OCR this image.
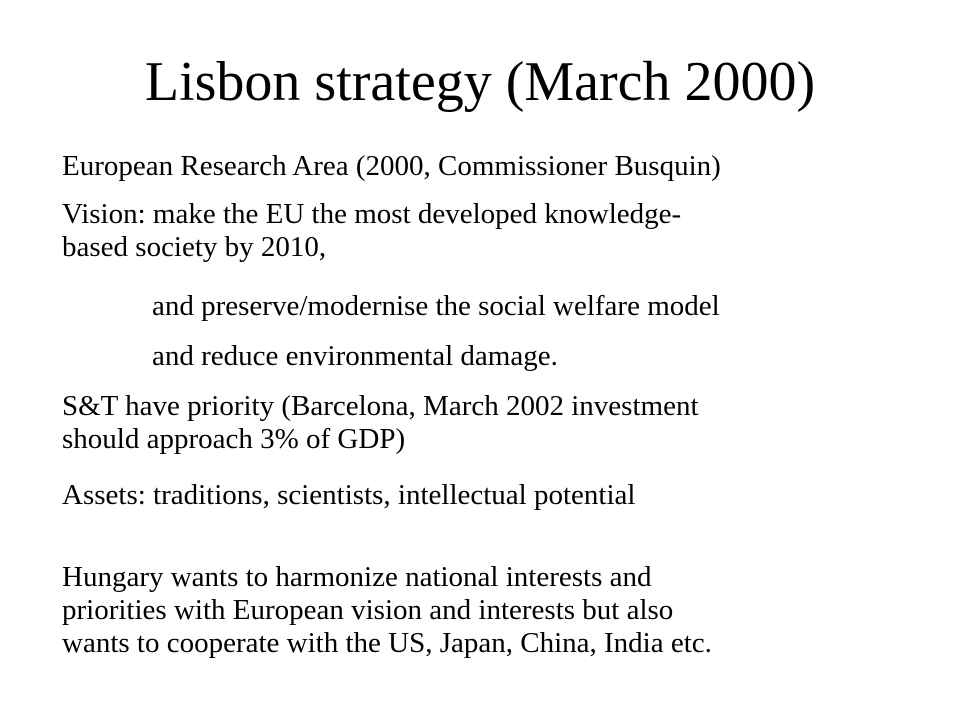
Lisbon strategy (March 2000)
European Research Area (2000, Commissioner Busquin)
Vision: make the EU the most developed knowledge-
based society by 2010,
and preserve/modernise the social welfare model
and reduce environmental damage.
S&T have priority (Barcelona, March 2002 investment
should approach 3% of GDP)
Assets: traditions, scientists, intellectual potential
Hungary wants to harmonize national interests and
priorities with European vision and interests but also
wants to cooperate with the US, Japan, China, India etc.
